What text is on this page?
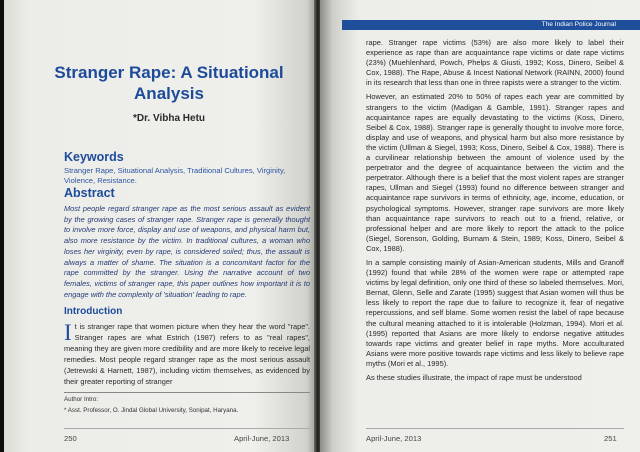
Stranger Rape: A Situational Analysis
*Dr. Vibha Hetu
Keywords
Stranger Rape, Situational Analysis, Traditional Cultures, Virginity, Violence, Resistance.
Abstract
Most people regard stranger rape as the most serious assault as evident by the growing cases of stranger rape. Stranger rape is generally thought to involve more force, display and use of weapons, and physical harm but, also more resistance by the victim. In traditional cultures, a woman who loses her virginity, even by rape, is considered soiled; thus, the assault is always a matter of shame. The situation is a concomitant factor for the rape committed by the stranger. Using the narrative account of two females, victims of stranger rape, this paper outlines how important it is to engage with the complexity of 'situation' leading to rape.
Introduction
It is stranger rape that women picture when they hear the word "rape". Stranger rapes are what Estrich (1987) refers to as "real rapes", meaning they are given more credibility and are more likely to receive legal remedies. Most people regard stranger rape as the most serious assault (Jetrewski & Harnett, 1987), including victim themselves, as evidenced by their greater reporting of stranger
Author Intro:
* Asst. Professor, O. Jindal Global University, Sonipat, Haryana.
250	April-June, 2013
The Indian Police Journal

rape. Stranger rape victims (53%) are also more likely to label their experience as rape than are acquaintance rape victims or date rape victims (23%) (Muehlenhard, Powch, Phelps & Giusti, 1992; Koss, Dinero, Seibel & Cox, 1988). The Rape, Abuse & Incest National Network (RAINN, 2000) found in its research that less than one in three rapists were a stranger to the victim.

However, an estimated 20% to 50% of rapes each year are committed by strangers to the victim (Madigan & Gamble, 1991). Stranger rapes and acquaintance rapes are equally devastating to the victims (Koss, Dinero, Seibel & Cox, 1988). Stranger rape is generally thought to involve more force, display and use of weapons, and physical harm but also more resistance by the victim (Ullman & Siegel, 1993; Koss, Dinero, Seibel & Cox, 1988). There is a curvilinear relationship between the amount of violence used by the perpetrator and the degree of acquaintance between the victim and the perpetrator. Although there is a belief that the most violent rapes are stranger rapes, Ullman and Siegel (1993) found no difference between stranger and acquaintance rape survivors in terms of ethnicity, age, income, education, or psychological symptoms. However, stranger rape survivors are more likely than acquaintance rape survivors to reach out to a friend, relative, or professional helper and are more likely to report the attack to the police (Siegel, Sorenson, Golding, Burnam & Stein, 1989; Koss, Dinero, Seibel & Cox, 1988).

In a sample consisting mainly of Asian-American students, Mills and Granoff (1992) found that while 28% of the women were rape or attempted rape victims by legal definition, only one third of these so labeled themselves. Mori, Bernat, Glenn, Selle and Zarate (1995) suggest that Asian women will thus be less likely to report the rape due to failure to recognize it, fear of negative repercussions, and self blame. Some women resist the label of rape because the cultural meaning attached to it is intolerable (Holzman, 1994). Mori et al. (1995) reported that Asians are more likely to endorse negative attitudes towards rape victims and greater belief in rape myths. More acculturated Asians were more positive towards rape victims and less likely to believe rape myths (Mori et al., 1995).

As these studies illustrate, the impact of rape must be understood

April-June, 2013	251
